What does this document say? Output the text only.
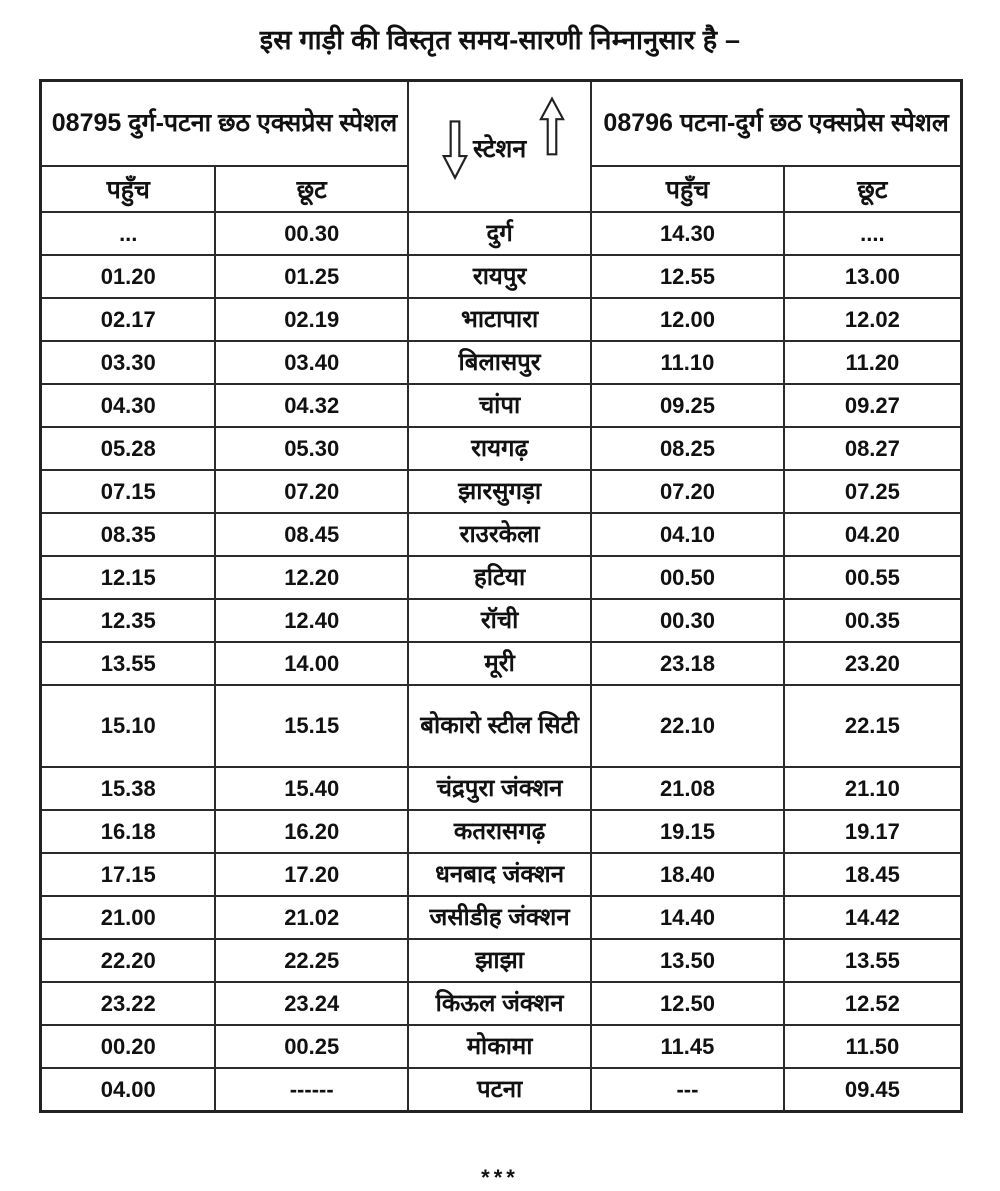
इस गाड़ी की विस्तृत समय-सारणी निम्नानुसार है –
08795 दुर्ग-पटना छठ एक्सप्रेस स्पेशल		स्टेशन	08796 पटना-दुर्ग छठ एक्सप्रेस स्पेशल	
पहुँच	छूट		पहुँच	छूट
...	00.30	दुर्ग	14.30	....
01.20	01.25	रायपुर	12.55	13.00
02.17	02.19	भाटापारा	12.00	12.02
03.30	03.40	बिलासपुर	11.10	11.20
04.30	04.32	चांपा	09.25	09.27
05.28	05.30	रायगढ़	08.25	08.27
07.15	07.20	झारसुगड़ा	07.20	07.25
08.35	08.45	राउरकेला	04.10	04.20
12.15	12.20	हटिया	00.50	00.55
12.35	12.40	रॉची	00.30	00.35
13.55	14.00	मूरी	23.18	23.20
15.10	15.15	बोकारो स्टील सिटी	22.10	22.15
15.38	15.40	चंद्रपुरा जंक्शन	21.08	21.10
16.18	16.20	कतरासगढ़	19.15	19.17
17.15	17.20	धनबाद जंक्शन	18.40	18.45
21.00	21.02	जसीडीह जंक्शन	14.40	14.42
22.20	22.25	झाझा	13.50	13.55
23.22	23.24	किऊल जंक्शन	12.50	12.52
00.20	00.25	मोकामा	11.45	11.50
04.00	------	पटना	---	09.45
***
